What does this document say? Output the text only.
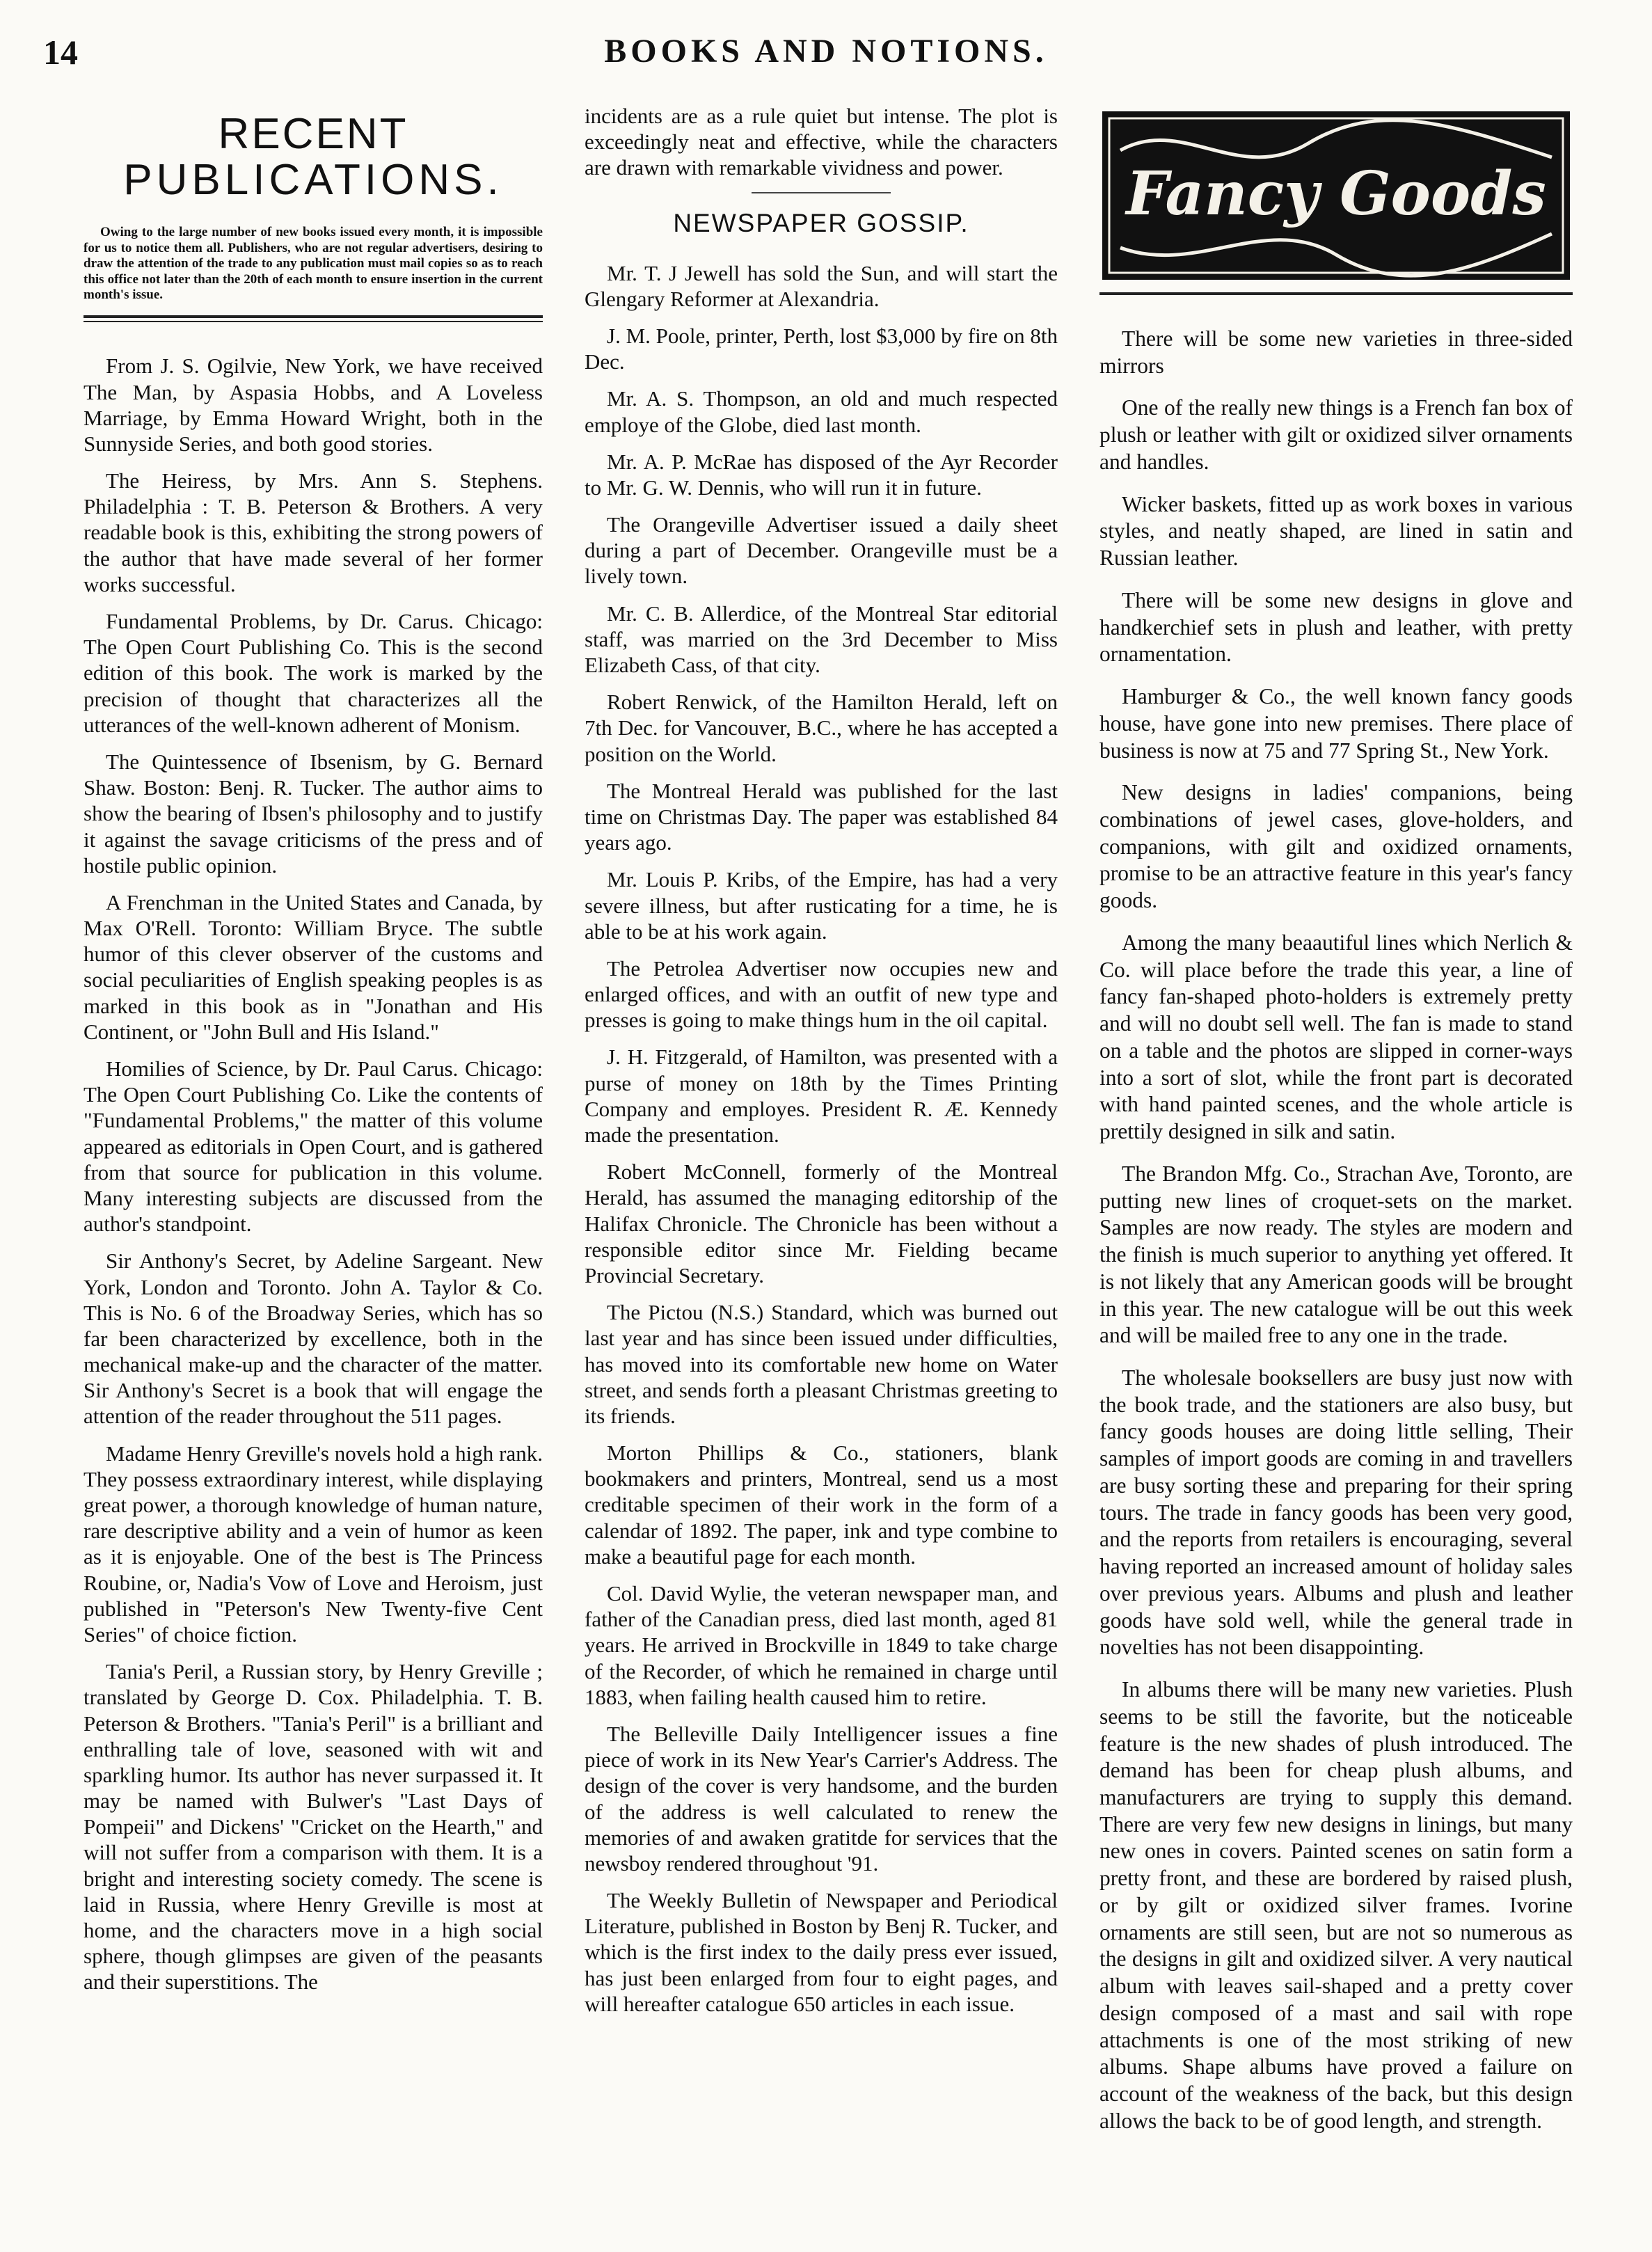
14	BOOKS AND NOTIONS.
RECENT
PUBLICATIONS.

Owing to the large number of new books issued every month, it is impossible for us to notice them all. Publishers, who are not regular advertisers, desiring to draw the attention of the trade to any publication must mail copies so as to reach this office not later than the 20th of each month to ensure insertion in the current month's issue.

From J. S. Ogilvie, New York, we have received The Man, by Aspasia Hobbs, and A Loveless Marriage, by Emma Howard Wright, both in the Sunnyside Series, and both good stories.

The Heiress, by Mrs. Ann S. Stephens. Philadelphia : T. B. Peterson & Brothers. A very readable book is this, exhibiting the strong powers of the author that have made several of her former works successful.

Fundamental Problems, by Dr. Carus. Chicago: The Open Court Publishing Co. This is the second edition of this book. The work is marked by the precision of thought that characterizes all the utterances of the well-known adherent of Monism.

The Quintessence of Ibsenism, by G. Bernard Shaw. Boston: Benj. R. Tucker. The author aims to show the bearing of Ibsen's philosophy and to justify it against the savage criticisms of the press and of hostile public opinion.

A Frenchman in the United States and Canada, by Max O'Rell. Toronto: William Bryce. The subtle humor of this clever observer of the customs and social peculiarities of English speaking peoples is as marked in this book as in "Jonathan and His Continent, or "John Bull and His Island."

Homilies of Science, by Dr. Paul Carus. Chicago: The Open Court Publishing Co. Like the contents of "Fundamental Problems," the matter of this volume appeared as editorials in Open Court, and is gathered from that source for publication in this volume. Many interesting subjects are discussed from the author's standpoint.

Sir Anthony's Secret, by Adeline Sargeant. New York, London and Toronto. John A. Taylor & Co. This is No. 6 of the Broadway Series, which has so far been characterized by excellence, both in the mechanical make-up and the character of the matter. Sir Anthony's Secret is a book that will engage the attention of the reader throughout the 511 pages.

Madame Henry Greville's novels hold a high rank. They possess extraordinary interest, while displaying great power, a thorough knowledge of human nature, rare descriptive ability and a vein of humor as keen as it is enjoyable. One of the best is The Princess Roubine, or, Nadia's Vow of Love and Heroism, just published in "Peterson's New Twenty-five Cent Series" of choice fiction.

Tania's Peril, a Russian story, by Henry Greville ; translated by George D. Cox. Philadelphia. T. B. Peterson & Brothers. "Tania's Peril" is a brilliant and enthralling tale of love, seasoned with wit and sparkling humor. Its author has never surpassed it. It may be named with Bulwer's "Last Days of Pompeii" and Dickens' "Cricket on the Hearth," and will not suffer from a comparison with them. It is a bright and interesting society comedy. The scene is laid in Russia, where Henry Greville is most at home, and the characters move in a high social sphere, though glimpses are given of the peasants and their superstitions. The

incidents are as a rule quiet but intense. The plot is exceedingly neat and effective, while the characters are drawn with remarkable vividness and power.

NEWSPAPER GOSSIP.

Mr. T. J Jewell has sold the Sun, and will start the Glengary Reformer at Alexandria.

J. M. Poole, printer, Perth, lost $3,000 by fire on 8th Dec.

Mr. A. S. Thompson, an old and much respected employe of the Globe, died last month.

Mr. A. P. McRae has disposed of the Ayr Recorder to Mr. G. W. Dennis, who will run it in future.

The Orangeville Advertiser issued a daily sheet during a part of December. Orangeville must be a lively town.

Mr. C. B. Allerdice, of the Montreal Star editorial staff, was married on the 3rd December to Miss Elizabeth Cass, of that city.

Robert Renwick, of the Hamilton Herald, left on 7th Dec. for Vancouver, B.C., where he has accepted a position on the World.

The Montreal Herald was published for the last time on Christmas Day. The paper was established 84 years ago.

Mr. Louis P. Kribs, of the Empire, has had a very severe illness, but after rusticating for a time, he is able to be at his work again.

The Petrolea Advertiser now occupies new and enlarged offices, and with an outfit of new type and presses is going to make things hum in the oil capital.

J. H. Fitzgerald, of Hamilton, was presented with a purse of money on 18th by the Times Printing Company and employes. President R. Æ. Kennedy made the presentation.

Robert McConnell, formerly of the Montreal Herald, has assumed the managing editorship of the Halifax Chronicle. The Chronicle has been without a responsible editor since Mr. Fielding became Provincial Secretary.

The Pictou (N.S.) Standard, which was burned out last year and has since been issued under difficulties, has moved into its comfortable new home on Water street, and sends forth a pleasant Christmas greeting to its friends.

Morton Phillips & Co., stationers, blank bookmakers and printers, Montreal, send us a most creditable specimen of their work in the form of a calendar of 1892. The paper, ink and type combine to make a beautiful page for each month.

Col. David Wylie, the veteran newspaper man, and father of the Canadian press, died last month, aged 81 years. He arrived in Brockville in 1849 to take charge of the Recorder, of which he remained in charge until 1883, when failing health caused him to retire.

The Belleville Daily Intelligencer issues a fine piece of work in its New Year's Carrier's Address. The design of the cover is very handsome, and the burden of the address is well calculated to renew the memories of and awaken gratitde for services that the newsboy rendered throughout '91.

The Weekly Bulletin of Newspaper and Periodical Literature, published in Boston by Benj R. Tucker, and which is the first index to the daily press ever issued, has just been enlarged from four to eight pages, and will hereafter catalogue 650 articles in each issue.

Fancy Goods

There will be some new varieties in three-sided mirrors

One of the really new things is a French fan box of plush or leather with gilt or oxidized silver ornaments and handles.

Wicker baskets, fitted up as work boxes in various styles, and neatly shaped, are lined in satin and Russian leather.

There will be some new designs in glove and handkerchief sets in plush and leather, with pretty ornamentation.

Hamburger & Co., the well known fancy goods house, have gone into new premises. There place of business is now at 75 and 77 Spring St., New York.

New designs in ladies' companions, being combinations of jewel cases, glove-holders, and companions, with gilt and oxidized ornaments, promise to be an attractive feature in this year's fancy goods.

Among the many beaautiful lines which Nerlich & Co. will place before the trade this year, a line of fancy fan-shaped photo-holders is extremely pretty and will no doubt sell well. The fan is made to stand on a table and the photos are slipped in corner-ways into a sort of slot, while the front part is decorated with hand painted scenes, and the whole article is prettily designed in silk and satin.

The Brandon Mfg. Co., Strachan Ave, Toronto, are putting new lines of croquet-sets on the market. Samples are now ready. The styles are modern and the finish is much superior to anything yet offered. It is not likely that any American goods will be brought in this year. The new catalogue will be out this week and will be mailed free to any one in the trade.

The wholesale booksellers are busy just now with the book trade, and the stationers are also busy, but fancy goods houses are doing little selling, Their samples of import goods are coming in and travellers are busy sorting these and preparing for their spring tours. The trade in fancy goods has been very good, and the reports from retailers is encouraging, several having reported an increased amount of holiday sales over previous years. Albums and plush and leather goods have sold well, while the general trade in novelties has not been disappointing.

In albums there will be many new varieties. Plush seems to be still the favorite, but the noticeable feature is the new shades of plush introduced. The demand has been for cheap plush albums, and manufacturers are trying to supply this demand. There are very few new designs in linings, but many new ones in covers. Painted scenes on satin form a pretty front, and these are bordered by raised plush, or by gilt or oxidized silver frames. Ivorine ornaments are still seen, but are not so numerous as the designs in gilt and oxidized silver. A very nautical album with leaves sail-shaped and a pretty cover design composed of a mast and sail with rope attachments is one of the most striking of new albums. Shape albums have proved a failure on account of the weakness of the back, but this design allows the back to be of good length, and strength.
